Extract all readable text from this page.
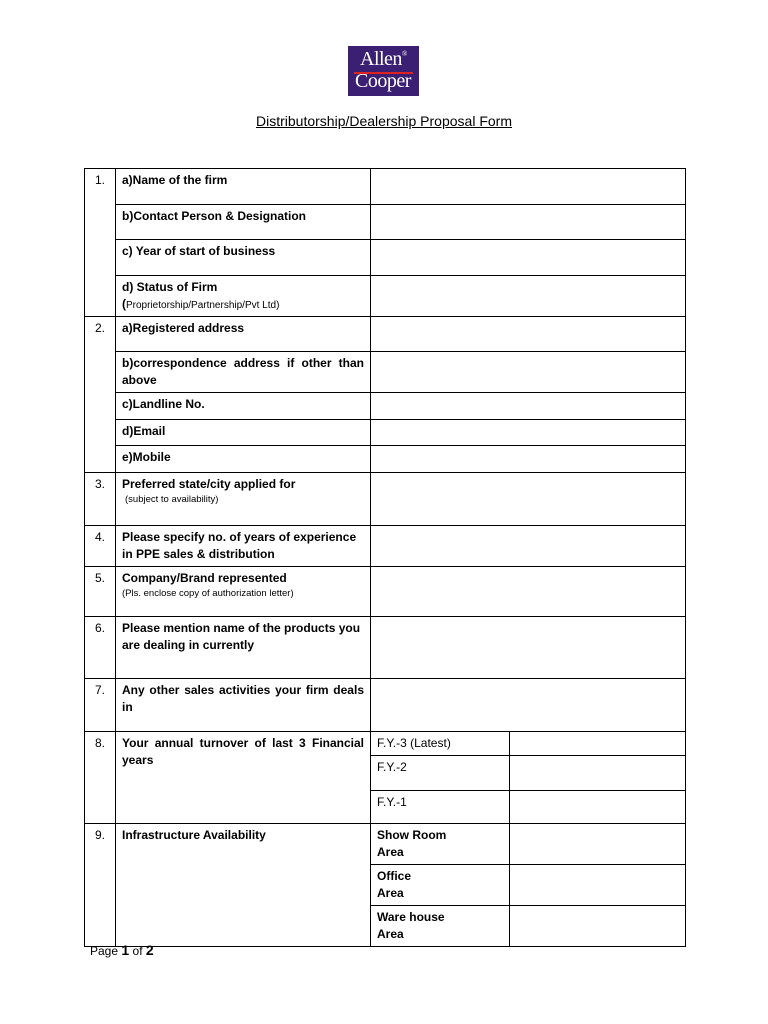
Allen ®
Cooper
Distributorship/Dealership Proposal Form
1.	a)Name of the firm		
	b)Contact Person & Designation		
	c) Year of start of business		
	d) Status of Firm
(Proprietorship/Partnership/Pvt Ltd)		
2.	a)Registered address		
	b)correspondence address if other than above		
	c)Landline No.		
	d)Email		
	e)Mobile		
3.	Preferred state/city applied for
(subject to availability)		

4.	Please specify no. of years of experience in PPE sales & distribution		
5.	Company/Brand represented
(Pls. enclose copy of authorization letter)		

6.	Please mention name of the products you are dealing in currently		
7.	Any other sales activities your firm deals in		
8.	Your annual turnover of last 3 Financial years	F.Y.-3 (Latest)	
		F.Y.-2	
		F.Y.-1	
9.	Infrastructure Availability	Show Room
Area	
		Office
Area	
		Ware house
Area	
Page 1 of 2
